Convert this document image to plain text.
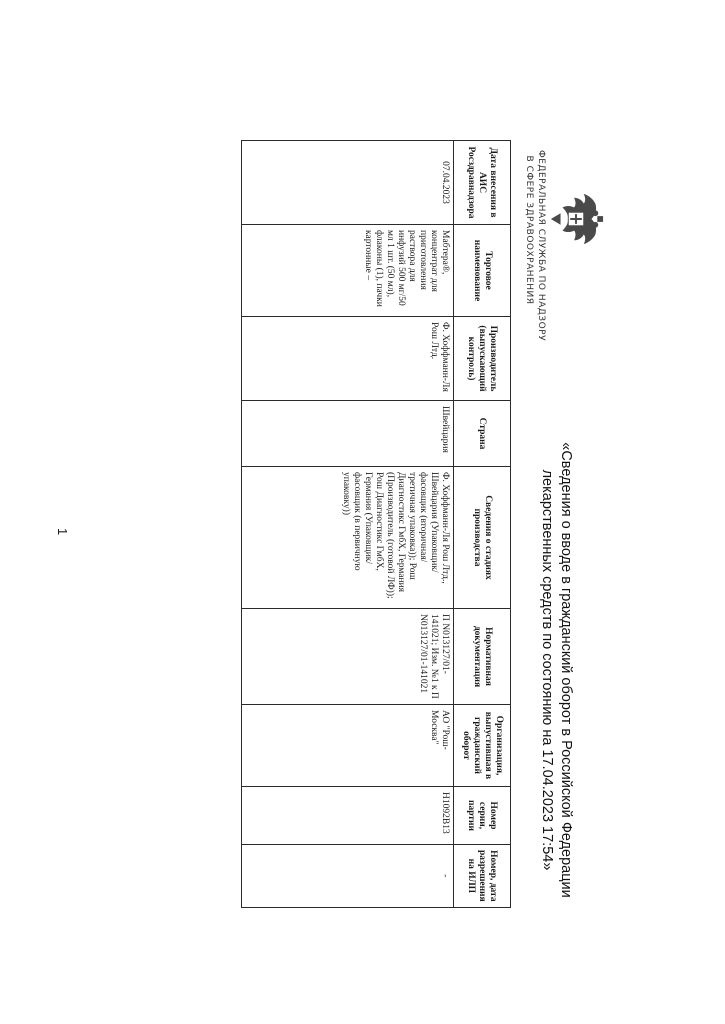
ФЕДЕРАЛЬНАЯ СЛУЖБА ПО НАДЗОРУ
В СФЕРЕ ЗДРАВООХРАНЕНИЯ
«Сведения о вводе в гражданский оборот в Российской Федерации
лекарственных средств по состоянию на 17.04.2023 17:54»
Дата внесения в АИС Росздравнадзора	Торговое наименование	Производитель (выпускающий контроль)	Страна	Сведения о стадиях производства	Нормативная документация	Организация, выпустившая в гражданский оборот	Номер серии, партии	Номер, дата разрешения на ИЛП
07.04.2023	Мабтера®, концентрат для приготовления раствора для инфузий 500 мг/50 мл 1 шт. (50 мл), флаконы (1), пачки картонные –	Ф. Хоффманн-Ля Рош Лтд.	Швейцария	Ф. Хоффманн-Ля Рош Лтд., Швейцария (Упаковщик/фасовщик (вторичная/третичная упаковка)); Рош Диагностикс ГмбХ, Германия (Производитель (готовой ЛФ)); Рош Диагностикс ГмбХ, Германия (Упаковщик/фасовщик (в первичную упаковку))	П N013127/01-141021; Изм. №1 к П N013127/01-141021	АО "Рош-Москва"	H1092B13	-
1
